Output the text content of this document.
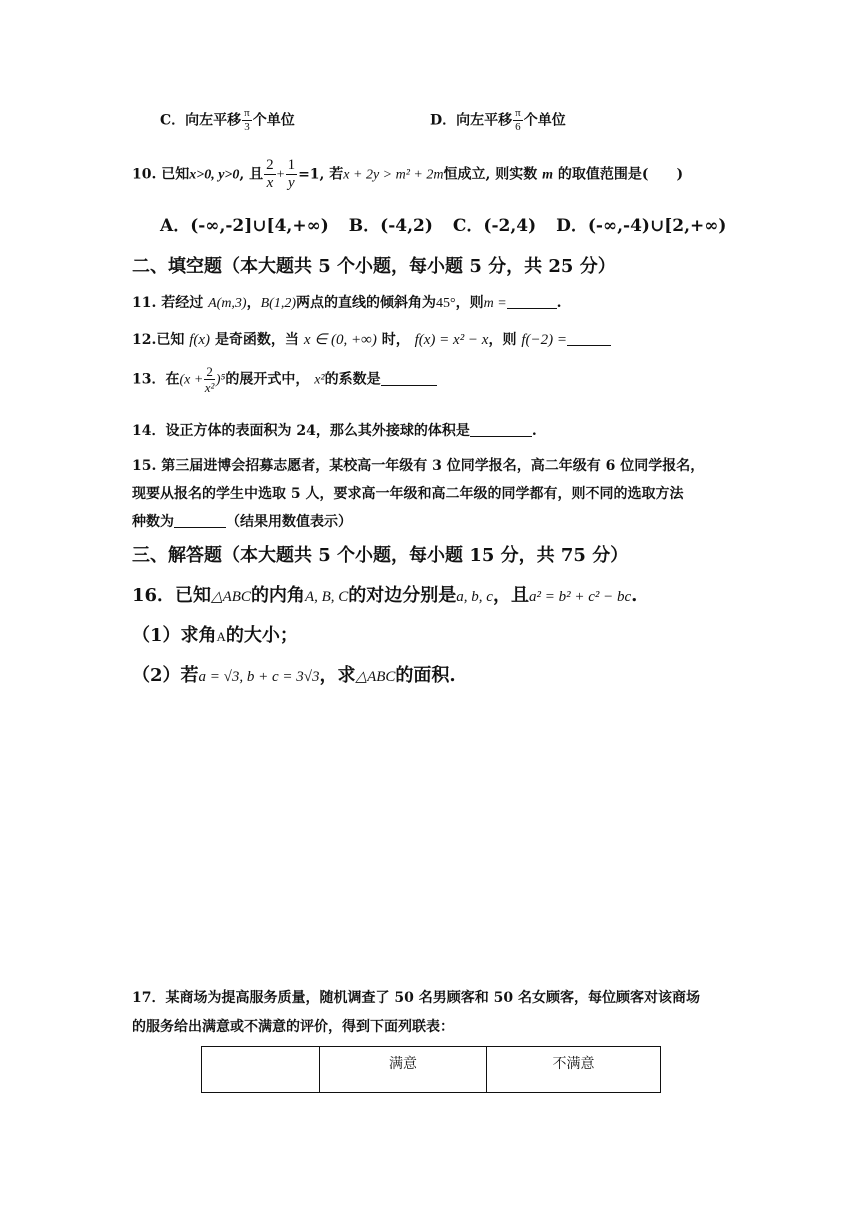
C．向左平移 $\frac{\pi}{3}$ 个单位	D．向左平移 $\frac{\pi}{6}$ 个单位
10. 已知x>0, y>0, 且 $\frac{2}{x} + \frac{1}{y} =1$, 若x + 2y > m² + 2m恒成立, 则实数 m 的取值范围是(　　)
A．(-∞,-2]∪[4,+∞) B．(-4,2) C．(-2,4) D．(-∞,-4)∪[2,+∞)
二、填空题（本大题共 5 个小题，每小题 5 分，共 25 分）
11. 若经过 A(m,3)，B(1,2)两点的直线的倾斜角为45°，则m =	.
12.已知 f(x) 是奇函数，当 x ∈ (0, +∞) 时， f(x) = x² − x，则 f(−2) =
13．在$(x + \frac{2}{\text{x²}} )^5$的展开式中， x²的系数是
14．设正方体的表面积为 24，那么其外接球的体积是	.
15. 第三届进博会招募志愿者，某校高一年级有 3 位同学报名，高二年级有 6 位同学报名，
现要从报名的学生中选取 5 人，要求高一年级和高二年级的同学都有，则不同的选取方法
种数为	（结果用数值表示）
三、解答题（本大题共 5 个小题，每小题 15 分，共 75 分）
16．已知△ABC的内角A, B, C的对边分别是a, b, c，且a² = b² + c² − bc.
（1）求角A的大小；
（2）若a = √3, b + c = 3√3，求△ABC的面积.
17．某商场为提高服务质量，随机调查了 50 名男顾客和 50 名女顾客，每位顾客对该商场
的服务给出满意或不满意的评价，得到下面列联表：
	满意	不满意
